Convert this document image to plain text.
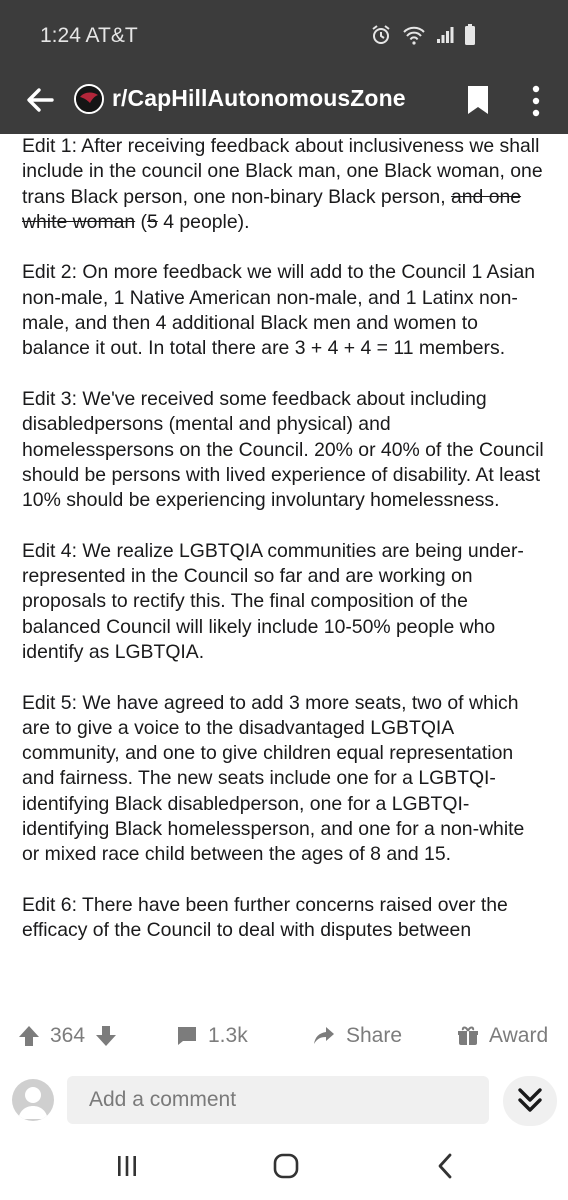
1:24 AT&T
r/CapHillAutonomousZone

Edit 1: After receiving feedback about inclusiveness we shall include in the council one Black man, one Black woman, one trans Black person, one non-binary Black person, and one white woman (5 4 people).

Edit 2: On more feedback we will add to the Council 1 Asian non-male, 1 Native American non-male, and 1 Latinx non-male, and then 4 additional Black men and women to balance it out. In total there are 3 + 4 + 4 = 11 members.

Edit 3: We've received some feedback about including disabledpersons (mental and physical) and homelesspersons on the Council. 20% or 40% of the Council should be persons with lived experience of disability. At least 10% should be experiencing involuntary homelessness.

Edit 4: We realize LGBTQIA communities are being under-represented in the Council so far and are working on proposals to rectify this. The final composition of the balanced Council will likely include 10-50% people who identify as LGBTQIA.

Edit 5: We have agreed to add 3 more seats, two of which are to give a voice to the disadvantaged LGBTQIA community, and one to give children equal representation and fairness. The new seats include one for a LGBTQI-identifying Black disabledperson, one for a LGBTQI-identifying Black homelessperson, and one for a non-white or mixed race child between the ages of 8 and 15.

Edit 6: There have been further concerns raised over the efficacy of the Council to deal with disputes between

364	1.3k	Share	Award
Add a comment
